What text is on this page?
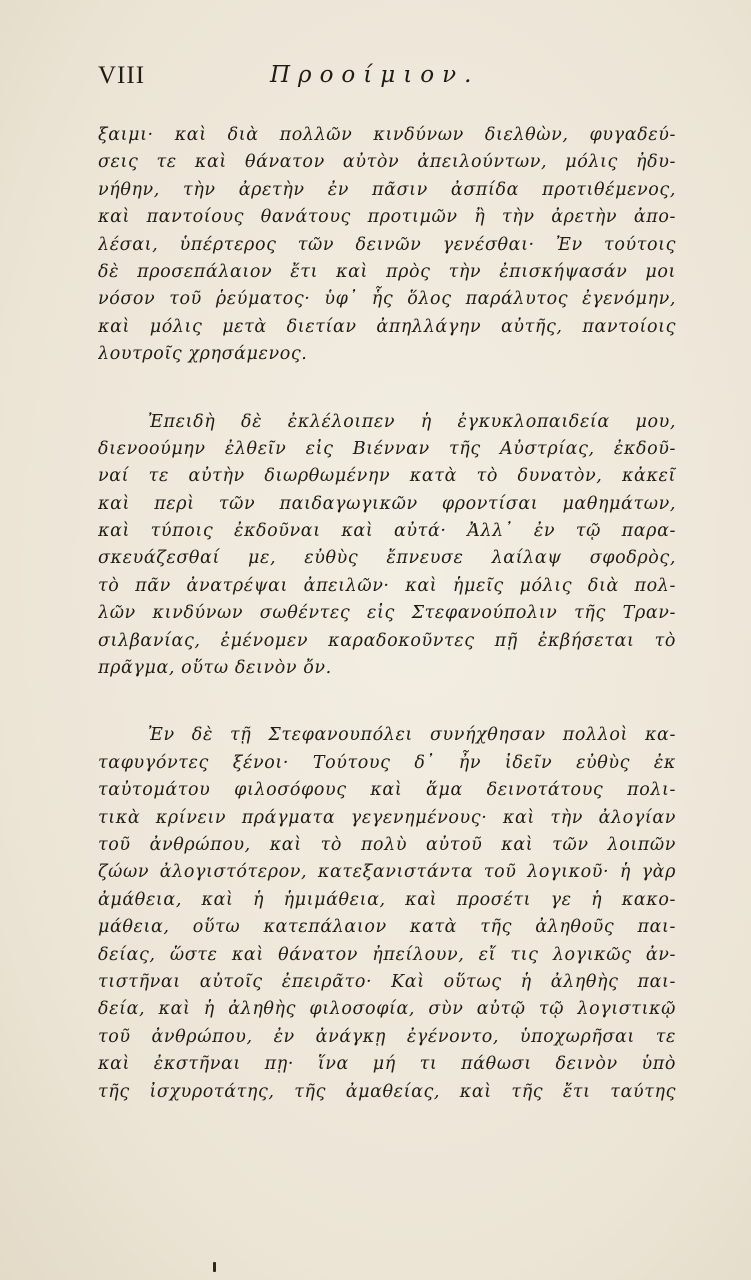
VIII	Προοίμιον.
ξαιμι· καὶ διὰ πολλῶν κινδύνων διελθὼν, φυγαδεύ-
σεις τε καὶ θάνατον αὐτὸν ἀπειλούντων, μόλις ἠδυ-
νήθην, τὴν ἀρετὴν ἐν πᾶσιν ἀσπίδα προτιθέμενος,
καὶ παντοίους θανάτους προτιμῶν ἢ τὴν ἀρετὴν ἀπο-
λέσαι, ὑπέρτερος τῶν δεινῶν γενέσθαι· Ἐν τούτοις
δὲ προσεπάλαιον ἔτι καὶ πρὸς τὴν ἐπισκήψασάν μοι
νόσον τοῦ ῥεύματος· ὑφ᾽ ἧς ὅλος παράλυτος ἐγενόμην,
καὶ μόλις μετὰ διετίαν ἀπηλλάγην αὐτῆς, παντοίοις
λουτροῖς χρησάμενος.
Ἐπειδὴ δὲ ἐκλέλοιπεν ἡ ἐγκυκλοπαιδεία μου,
διενοούμην ἐλθεῖν εἰς Βιένναν τῆς Αὐστρίας, ἐκδοῦ-
ναί τε αὐτὴν διωρθωμένην κατὰ τὸ δυνατὸν, κἀκεῖ
καὶ περὶ τῶν παιδαγωγικῶν φροντίσαι μαθημάτων,
καὶ τύποις ἐκδοῦναι καὶ αὐτά· Ἀλλ᾽ ἐν τῷ παρα-
σκευάζεσθαί με, εὐθὺς ἔπνευσε λαίλαψ σφοδρὸς,
τὸ πᾶν ἀνατρέψαι ἀπειλῶν· καὶ ἡμεῖς μόλις διὰ πολ-
λῶν κινδύνων σωθέντες εἰς Στεφανούπολιν τῆς Τραν-
σιλβανίας, ἐμένομεν καραδοκοῦντες πῇ ἐκβήσεται τὸ
πρᾶγμα, οὕτω δεινὸν ὄν.
Ἐν δὲ τῇ Στεφανουπόλει συνήχθησαν πολλοὶ κα-
ταφυγόντες ξένοι· Τούτους δ᾽ ἦν ἰδεῖν εὐθὺς ἐκ
ταὐτομάτου φιλοσόφους καὶ ἅμα δεινοτάτους πολι-
τικὰ κρίνειν πράγματα γεγενημένους· καὶ τὴν ἀλογίαν
τοῦ ἀνθρώπου, καὶ τὸ πολὺ αὐτοῦ καὶ τῶν λοιπῶν
ζώων ἀλογιστότερον, κατεξανιστάντα τοῦ λογικοῦ· ἡ γὰρ
ἀμάθεια, καὶ ἡ ἡμιμάθεια, καὶ προσέτι γε ἡ κακο-
μάθεια, οὕτω κατεπάλαιον κατὰ τῆς ἀληθοῦς παι-
δείας, ὥστε καὶ θάνατον ἠπείλουν, εἴ τις λογικῶς ἀν-
τιστῆναι αὐτοῖς ἐπειρᾶτο· Καὶ οὕτως ἡ ἀληθὴς παι-
δεία, καὶ ἡ ἀληθὴς φιλοσοφία, σὺν αὐτῷ τῷ λογιστικῷ
τοῦ ἀνθρώπου, ἐν ἀνάγκῃ ἐγένοντο, ὑποχωρῆσαι τε
καὶ ἐκστῆναι πῃ· ἵνα μή τι πάθωσι δεινὸν ὑπὸ
τῆς ἰσχυροτάτης, τῆς ἀμαθείας, καὶ τῆς ἔτι ταύτης
